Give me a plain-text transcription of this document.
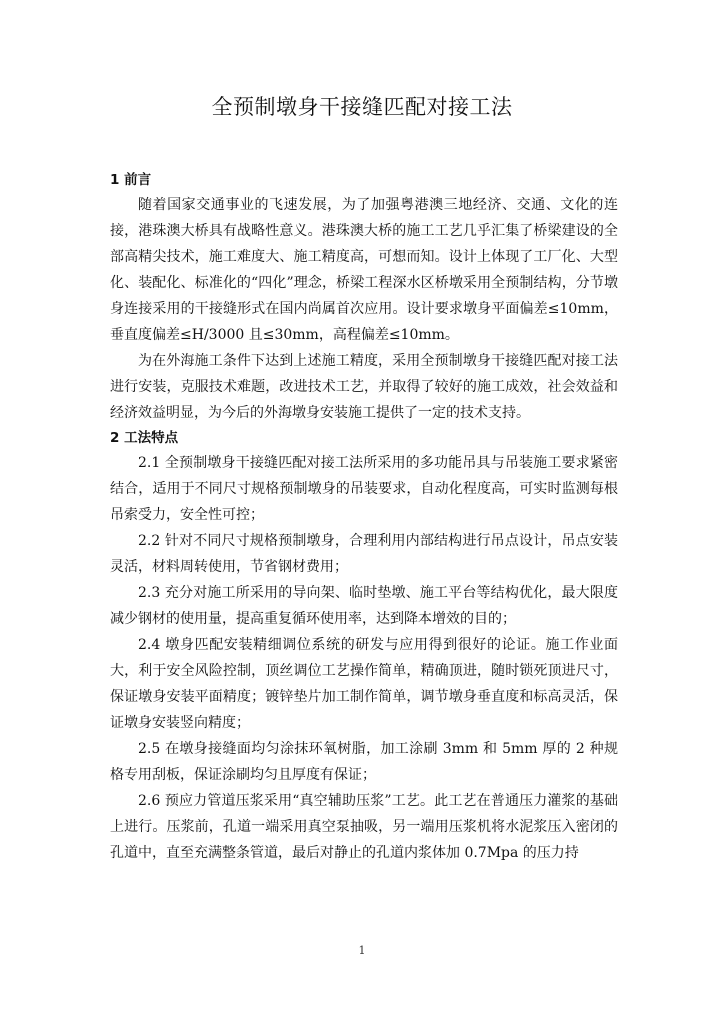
全预制墩身干接缝匹配对接工法

1 前言

随着国家交通事业的飞速发展，为了加强粤港澳三地经济、交通、文化的连接，港珠澳大桥具有战略性意义。港珠澳大桥的施工工艺几乎汇集了桥梁建设的全部高精尖技术，施工难度大、施工精度高，可想而知。设计上体现了工厂化、大型化、装配化、标准化的“四化”理念，桥梁工程深水区桥墩采用全预制结构，分节墩身连接采用的干接缝形式在国内尚属首次应用。设计要求墩身平面偏差≤10mm，垂直度偏差≤H/3000 且≤30mm，高程偏差≤10mm。

为在外海施工条件下达到上述施工精度，采用全预制墩身干接缝匹配对接工法进行安装，克服技术难题，改进技术工艺，并取得了较好的施工成效，社会效益和经济效益明显，为今后的外海墩身安装施工提供了一定的技术支持。

2 工法特点

2.1 全预制墩身干接缝匹配对接工法所采用的多功能吊具与吊装施工要求紧密结合，适用于不同尺寸规格预制墩身的吊装要求，自动化程度高，可实时监测每根吊索受力，安全性可控；

2.2 针对不同尺寸规格预制墩身，合理利用内部结构进行吊点设计，吊点安装灵活，材料周转使用，节省钢材费用；

2.3 充分对施工所采用的导向架、临时垫墩、施工平台等结构优化，最大限度减少钢材的使用量，提高重复循环使用率，达到降本增效的目的；

2.4 墩身匹配安装精细调位系统的研发与应用得到很好的论证。施工作业面大，利于安全风险控制，顶丝调位工艺操作简单，精确顶进，随时锁死顶进尺寸，保证墩身安装平面精度；镀锌垫片加工制作简单，调节墩身垂直度和标高灵活，保证墩身安装竖向精度；

2.5 在墩身接缝面均匀涂抹环氧树脂，加工涂刷 3mm 和 5mm 厚的 2 种规格专用刮板，保证涂刷均匀且厚度有保证；

2.6 预应力管道压浆采用“真空辅助压浆”工艺。此工艺在普通压力灌浆的基础上进行。压浆前，孔道一端采用真空泵抽吸，另一端用压浆机将水泥浆压入密闭的孔道中，直至充满整条管道，最后对静止的孔道内浆体加 0.7Mpa 的压力持

1
